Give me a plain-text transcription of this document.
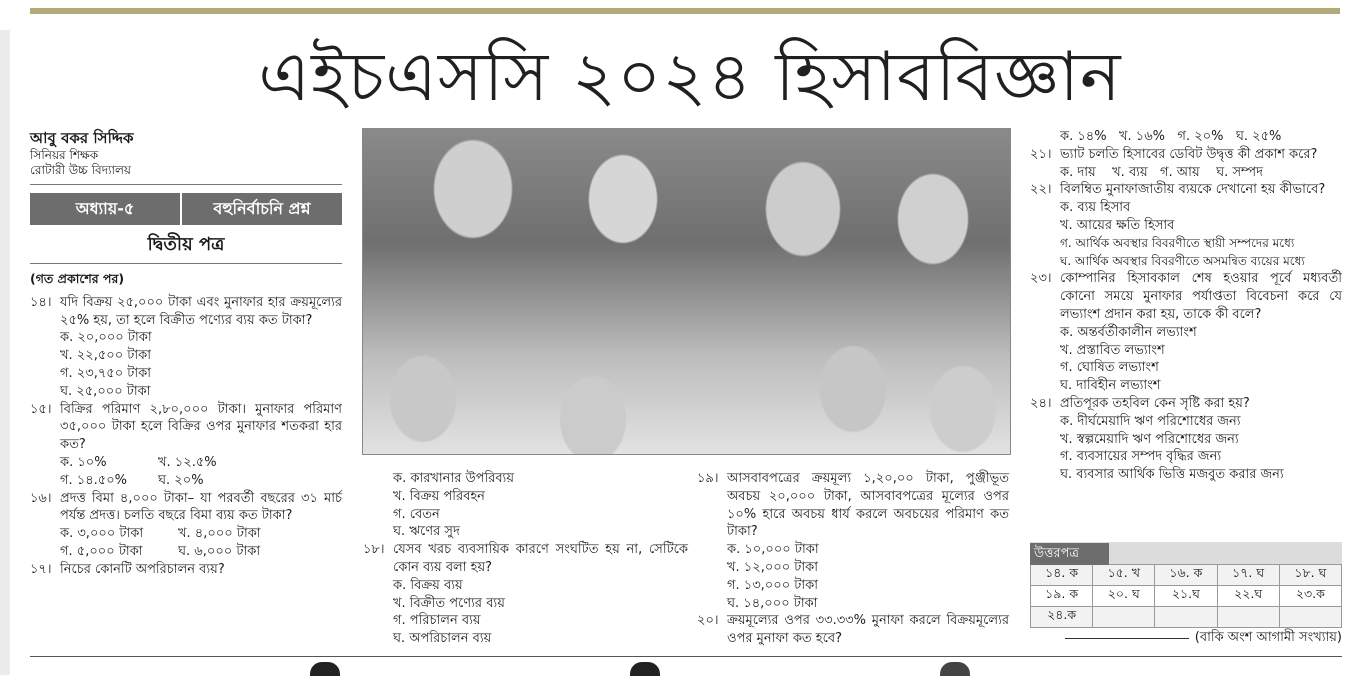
এইচএসসি ২০২৪ হিসাববিজ্ঞান
আবু বকর সিদ্দিক
সিনিয়র শিক্ষক
রোটারী উচ্চ বিদ্যালয়
অধ্যায়-৫	বহুনির্বাচনি প্রশ্ন
দ্বিতীয় পত্র
(গত প্রকাশের পর)
১৪। যদি বিক্রয় ২৫,০০০ টাকা এবং মুনাফার হার ক্রয়মূল্যের ২৫% হয়, তা হলে বিক্রীত পণ্যের ব্যয় কত টাকা?
ক. ২০,০০০ টাকা
খ. ২২,৫০০ টাকা
গ. ২৩,৭৫০ টাকা
ঘ. ২৫,০০০ টাকা
১৫। বিক্রির পরিমাণ ২,৮০,০০০ টাকা। মুনাফার পরিমাণ ৩৫,০০০ টাকা হলে বিক্রির ওপর মুনাফার শতকরা হার কত?
ক. ১০%	খ. ১২.৫%
গ. ১৪.৫০%	ঘ. ২০%
১৬। প্রদত্ত বিমা ৪,০০০ টাকা– যা পরবর্তী বছরের ৩১ মার্চ পর্যন্ত প্রদত্ত। চলতি বছরে বিমা ব্যয় কত টাকা?
ক. ৩,০০০ টাকা	খ. ৪,০০০ টাকা
গ. ৫,০০০ টাকা	ঘ. ৬,০০০ টাকা
১৭। নিচের কোনটি অপরিচালন ব্যয়?
ক. কারখানার উপরিব্যয়
খ. বিক্রয় পরিবহন
গ. বেতন
ঘ. ঋণের সুদ
১৮। যেসব খরচ ব্যবসায়িক কারণে সংঘটিত হয় না, সেটিকে কোন ব্যয় বলা হয়?
ক. বিক্রয় ব্যয়
খ. বিক্রীত পণ্যের ব্যয়
গ. পরিচালন ব্যয়
ঘ. অপরিচালন ব্যয়
১৯। আসবাবপত্রের ক্রয়মূল্য ১,২০,০০ টাকা, পুঞ্জীভূত অবচয় ২০,০০০ টাকা, আসবাবপত্রের মূল্যের ওপর ১০% হারে অবচয় ধার্য করলে অবচয়ের পরিমাণ কত টাকা?
ক. ১০,০০০ টাকা
খ. ১২,০০০ টাকা
গ. ১৩,০০০ টাকা
ঘ. ১৪,০০০ টাকা
২০। ক্রয়মূল্যের ওপর ৩৩.৩৩% মুনাফা করলে বিক্রয়মূল্যের ওপর মুনাফা কত হবে?
ক. ১৪%   খ. ১৬%   গ. ২০%   ঘ. ২৫%
২১। ভ্যাট চলতি হিসাবের ডেবিট উদ্বৃত্ত কী প্রকাশ করে?
ক. দায়    খ. ব্যয়   গ. আয়    ঘ. সম্পদ
২২। বিলম্বিত মুনাফাজাতীয় ব্যয়কে দেখানো হয় কীভাবে?
ক. ব্যয় হিসাব
খ. আয়ের ক্ষতি হিসাব
গ. আর্থিক অবস্থার বিবরণীতে স্থায়ী সম্পদের মধ্যে
ঘ. আর্থিক অবস্থার বিবরণীতে অসমন্বিত ব্যয়ের মধ্যে
২৩। কোম্পানির হিসাবকাল শেষ হওয়ার পূর্বে মধ্যবর্তী কোনো সময়ে মুনাফার পর্যাপ্ততা বিবেচনা করে যে লভ্যাংশ প্রদান করা হয়, তাকে কী বলে?
ক. অন্তর্বর্তীকালীন লভ্যাংশ
খ. প্রস্তাবিত লভ্যাংশ
গ. ঘোষিত লভ্যাংশ
ঘ. দাবিহীন লভ্যাংশ
২৪। প্রতিপূরক তহবিল কেন সৃষ্টি করা হয়?
ক. দীর্ঘমেয়াদি ঋণ পরিশোধের জন্য
খ. স্বল্পমেয়াদি ঋণ পরিশোধের জন্য
গ. ব্যবসায়ের সম্পদ বৃদ্ধির জন্য
ঘ. ব্যবসার আর্থিক ভিত্তি মজবুত করার জন্য
উত্তরপত্র
১৪. ক	১৫. খ	১৬. ক	১৭. ঘ	১৮. ঘ
১৯. ক	২০. ঘ	২১.ঘ	২২.ঘ	২৩.ক
২৪.ক				
(বাকি অংশ আগামী সংখ্যায়)
